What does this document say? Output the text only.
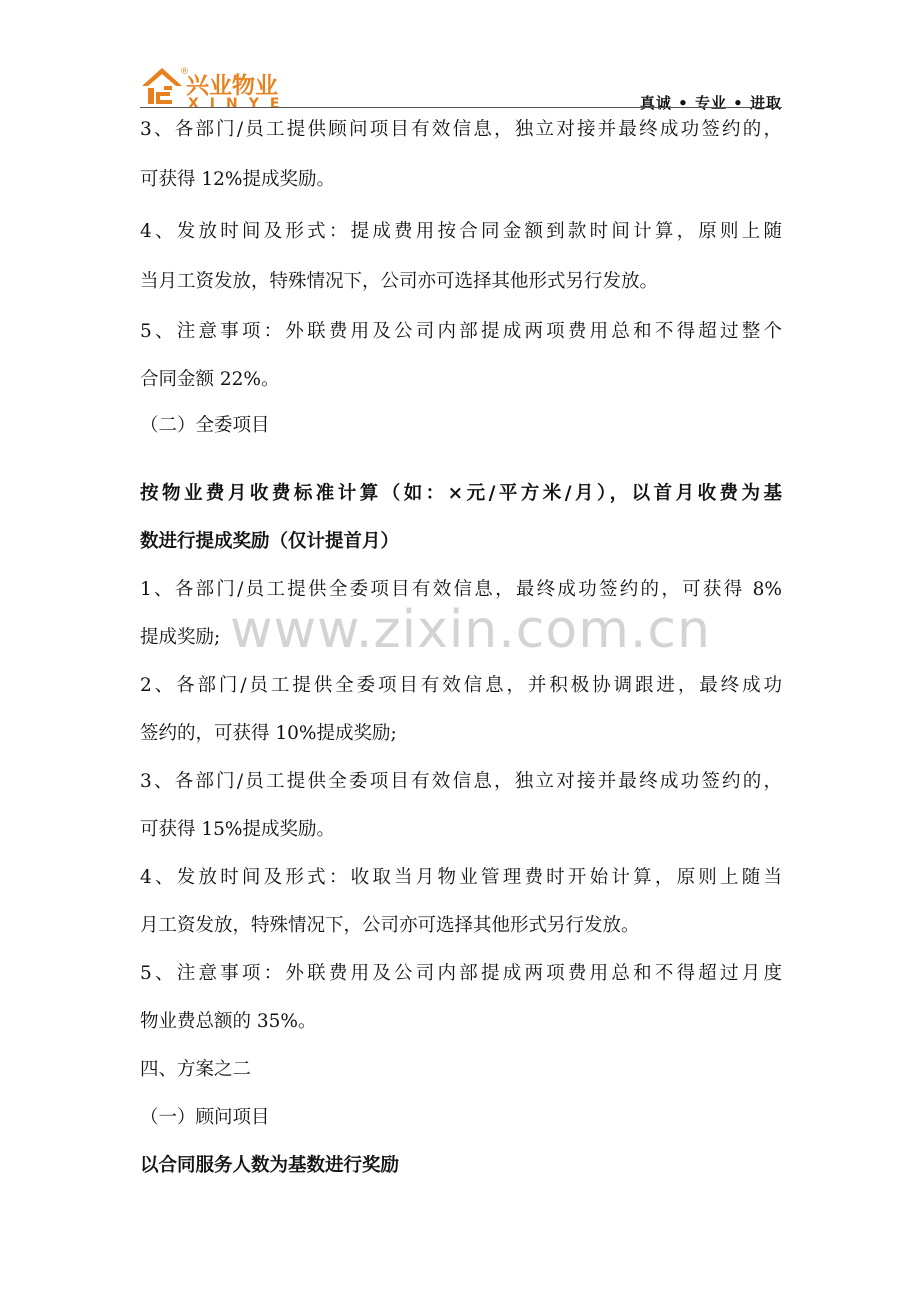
兴业物业
®
XINYE	真诚 • 专业 • 进取
www.zixin.com.cn
3、各部门/员工提供顾问项目有效信息，独立对接并最终成功签约的，
可获得 12%提成奖励。
4、发放时间及形式：提成费用按合同金额到款时间计算，原则上随
当月工资发放，特殊情况下，公司亦可选择其他形式另行发放。
5、注意事项：外联费用及公司内部提成两项费用总和不得超过整个
合同金额 22%。
（二）全委项目
按物业费月收费标准计算（如：×元/平方米/月），以首月收费为基
数进行提成奖励（仅计提首月）
1、各部门/员工提供全委项目有效信息，最终成功签约的，可获得 8%
提成奖励;
2、各部门/员工提供全委项目有效信息，并积极协调跟进，最终成功
签约的，可获得 10%提成奖励;
3、各部门/员工提供全委项目有效信息，独立对接并最终成功签约的，
可获得 15%提成奖励。
4、发放时间及形式：收取当月物业管理费时开始计算，原则上随当
月工资发放，特殊情况下，公司亦可选择其他形式另行发放。
5、注意事项：外联费用及公司内部提成两项费用总和不得超过月度
物业费总额的 35%。
四、方案之二
（一）顾问项目
以合同服务人数为基数进行奖励
